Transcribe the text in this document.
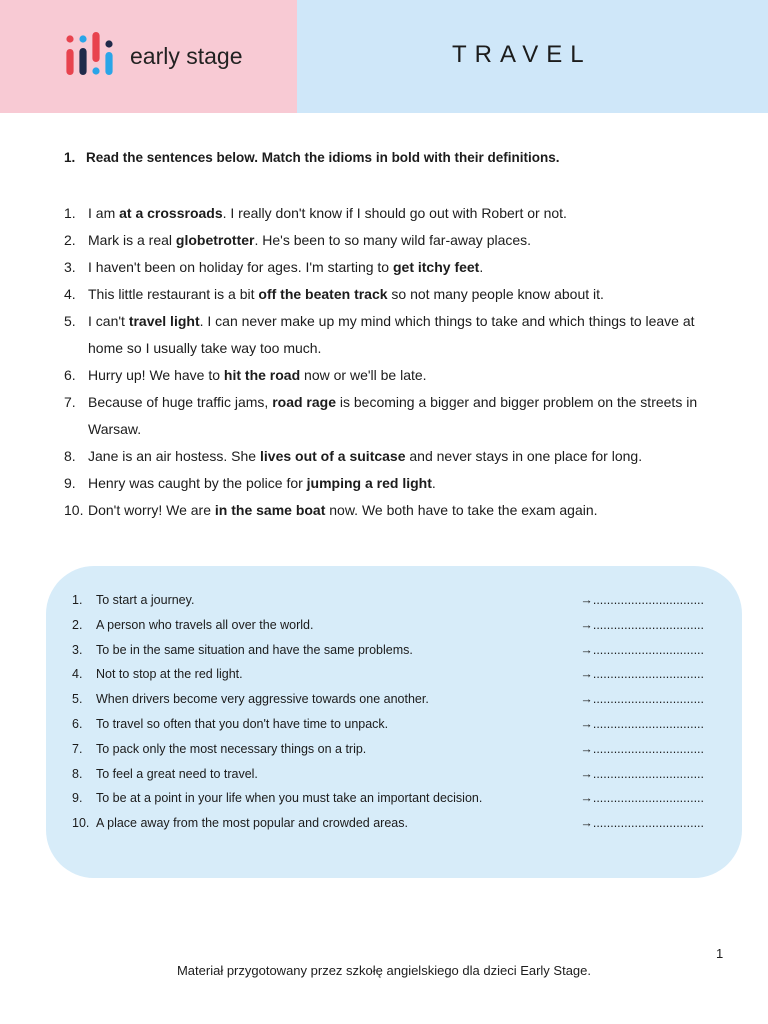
early stage	TRAVEL
1. Read the sentences below. Match the idioms in bold with their definitions.
1. I am at a crossroads. I really don't know if I should go out with Robert or not.
2. Mark is a real globetrotter. He's been to so many wild far-away places.
3. I haven't been on holiday for ages. I'm starting to get itchy feet.
4. This little restaurant is a bit off the beaten track so not many people know about it.
5. I can't travel light. I can never make up my mind which things to take and which things to leave at home so I usually take way too much.
6. Hurry up! We have to hit the road now or we'll be late.
7. Because of huge traffic jams, road rage is becoming a bigger and bigger problem on the streets in Warsaw.
8. Jane is an air hostess. She lives out of a suitcase and never stays in one place for long.
9. Henry was caught by the police for jumping a red light.
10. Don't worry! We are in the same boat now. We both have to take the exam again.
1. To start a journey.	→................................
2. A person who travels all over the world.	→................................
3. To be in the same situation and have the same problems.	→................................
4. Not to stop at the red light.	→................................
5. When drivers become very aggressive towards one another.	→................................
6. To travel so often that you don't have time to unpack.	→................................
7. To pack only the most necessary things on a trip.	→................................
8. To feel a great need to travel.	→................................
9. To be at a point in your life when you must take an important decision.	→................................
10. A place away from the most popular and crowded areas.	→................................
1
Materiał przygotowany przez szkołę angielskiego dla dzieci Early Stage.
